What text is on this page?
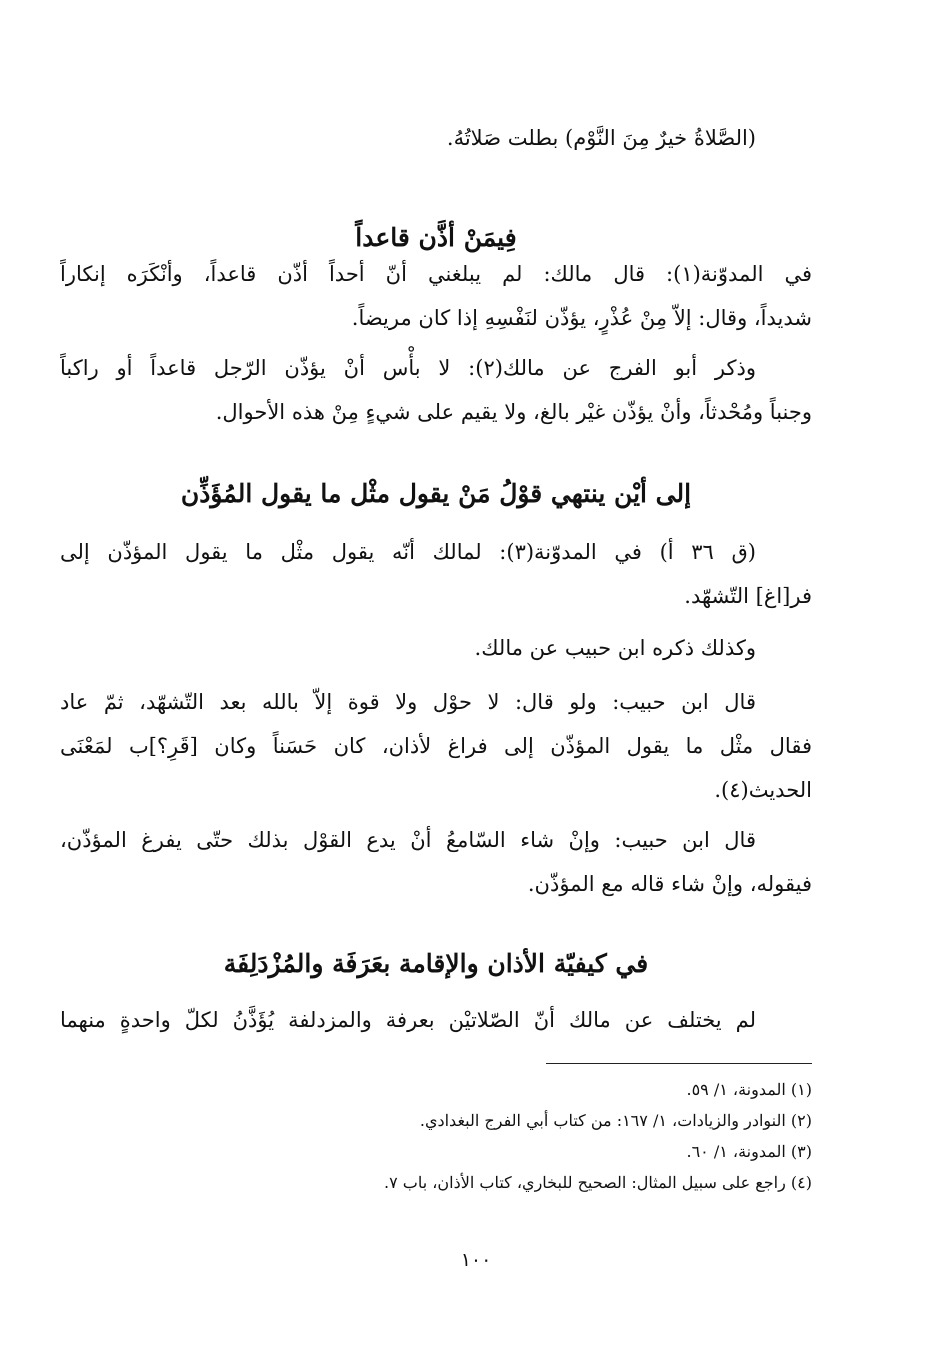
(الصَّلاةُ خيرٌ مِنَ النَّوْم) بطلت صَلاتُهُ.
فِيمَنْ أذَّن قاعداً
في المدوّنة(١): قال مالك: لم يبلغني أنّ أحداً أذّن قاعداً، وأنْكَرَه إنكاراً
شديداً، وقال: إلاّ مِنْ عُذْرٍ، يؤذّن لنَفْسِهِ إذا كان مريضاً.
وذكر أبو الفرج عن مالك(٢): لا بأْس أنْ يؤذّن الرّجل قاعداً أو راكباً
وجنباً ومُحْدثاً، وأنْ يؤذّن غيْر بالغ، ولا يقيم على شيءٍ مِنْ هذه الأحوال.
إلى أيْن ينتهي قوْلُ مَنْ يقول مثْل ما يقول المُؤَذِّن
(ق ٣٦ أ) في المدوّنة(٣): لمالك أنّه يقول مثْل ما يقول المؤذّن إلى
فر[اغ] التّشهّد.
وكذلك ذكره ابن حبيب عن مالك.
قال ابن حبيب: ولو قال: لا حوْل ولا قوة إلاّ بالله بعد التّشهّد، ثمّ عاد
فقال مثْل ما يقول المؤذّن إلى فراغ لأذان، كان حَسَناً وكان [قَرِ؟]ب لمَعْنَى
الحديث(٤).
قال ابن حبيب: وإنْ شاء السّامعُ أنْ يدع القوْل بذلك حتّى يفرغ المؤذّن،
فيقوله، وإنْ شاء قاله مع المؤذّن.
في كيفيّة الأذان والإقامة بعَرَفَة والمُزْدَلِفَة
لم يختلف عن مالك أنّ الصّلاتيْن بعرفة والمزدلفة يُؤَذَّنُ لكلّ واحدةٍ منهما
(١) المدونة، ١/ ٥٩.
(٢) النوادر والزيادات، ١/ ١٦٧: من كتاب أبي الفرج البغدادي.
(٣) المدونة، ١/ ٦٠.
(٤) راجع على سبيل المثال: الصحيح للبخاري، كتاب الأذان، باب ٧.
١٠٠
